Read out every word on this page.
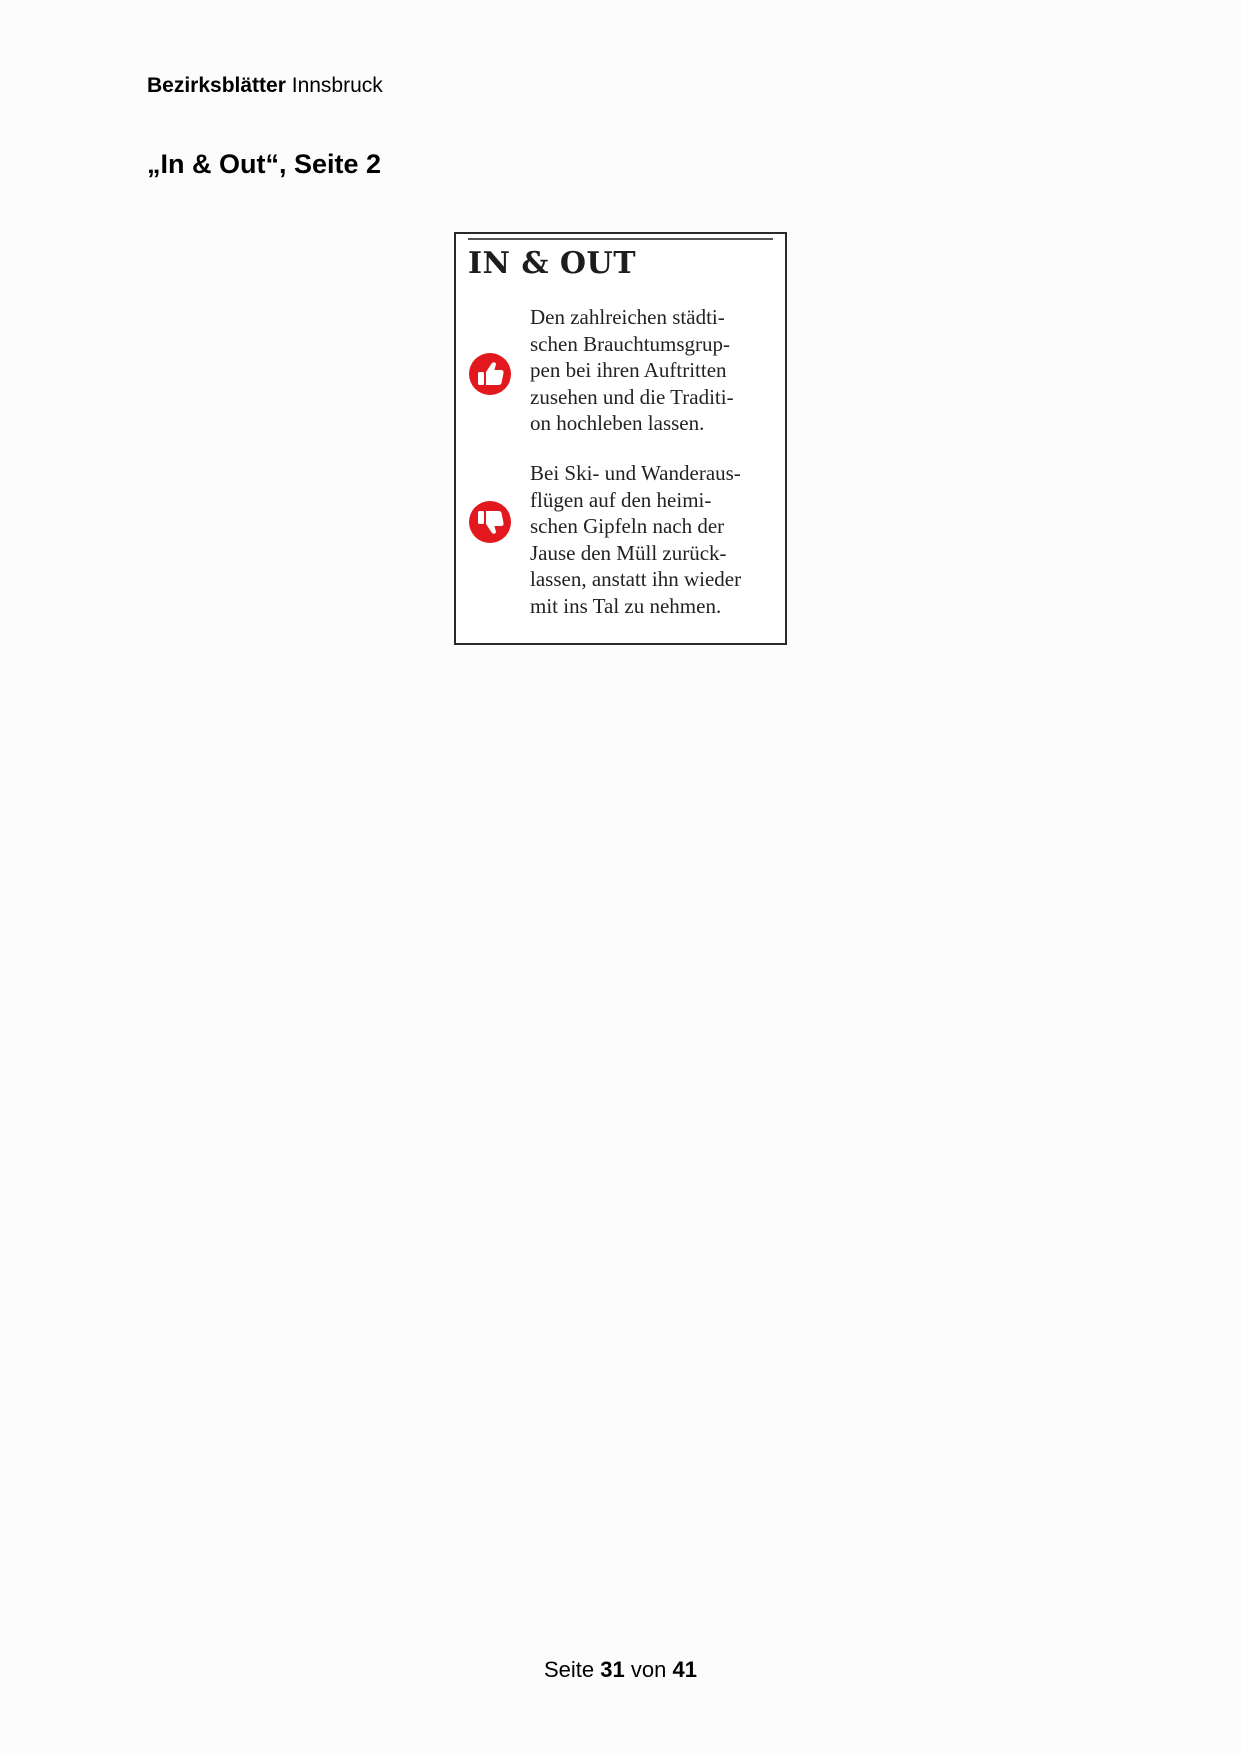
Bezirksblätter Innsbruck
„In & Out“, Seite 2
IN & OUT
Den zahlreichen städti-
schen Brauchtumsgrup-
pen bei ihren Auftritten
zusehen und die Traditi-
on hochleben lassen.
Bei Ski- und Wanderaus-
flügen auf den heimi-
schen Gipfeln nach der
Jause den Müll zurück-
lassen, anstatt ihn wieder
mit ins Tal zu nehmen.
Seite 31 von 41
